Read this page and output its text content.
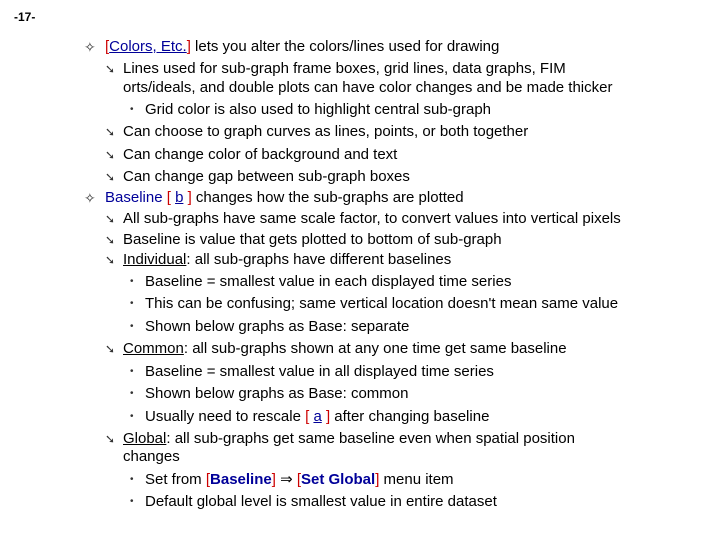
-17-
✧ [Colors, Etc.] lets you alter the colors/lines used for drawing
➘ Lines used for sub-graph frame boxes, grid lines, data graphs, FIM
orts/ideals, and double plots can have color changes and be made thicker
• Grid color is also used to highlight central sub-graph
➘ Can choose to graph curves as lines, points, or both together
➘ Can change color of background and text
➘ Can change gap between sub-graph boxes
✧ Baseline [ b ] changes how the sub-graphs are plotted
➘ All sub-graphs have same scale factor, to convert values into vertical pixels
➘ Baseline is value that gets plotted to bottom of sub-graph
➘ Individual: all sub-graphs have different baselines
• Baseline = smallest value in each displayed time series
• This can be confusing; same vertical location doesn't mean same value
• Shown below graphs as Base: separate
➘ Common: all sub-graphs shown at any one time get same baseline
• Baseline = smallest value in all displayed time series
• Shown below graphs as Base: common
• Usually need to rescale [ a ] after changing baseline
➘ Global: all sub-graphs get same baseline even when spatial position
changes
• Set from [Baseline] ⇒ [Set Global] menu item
• Default global level is smallest value in entire dataset
